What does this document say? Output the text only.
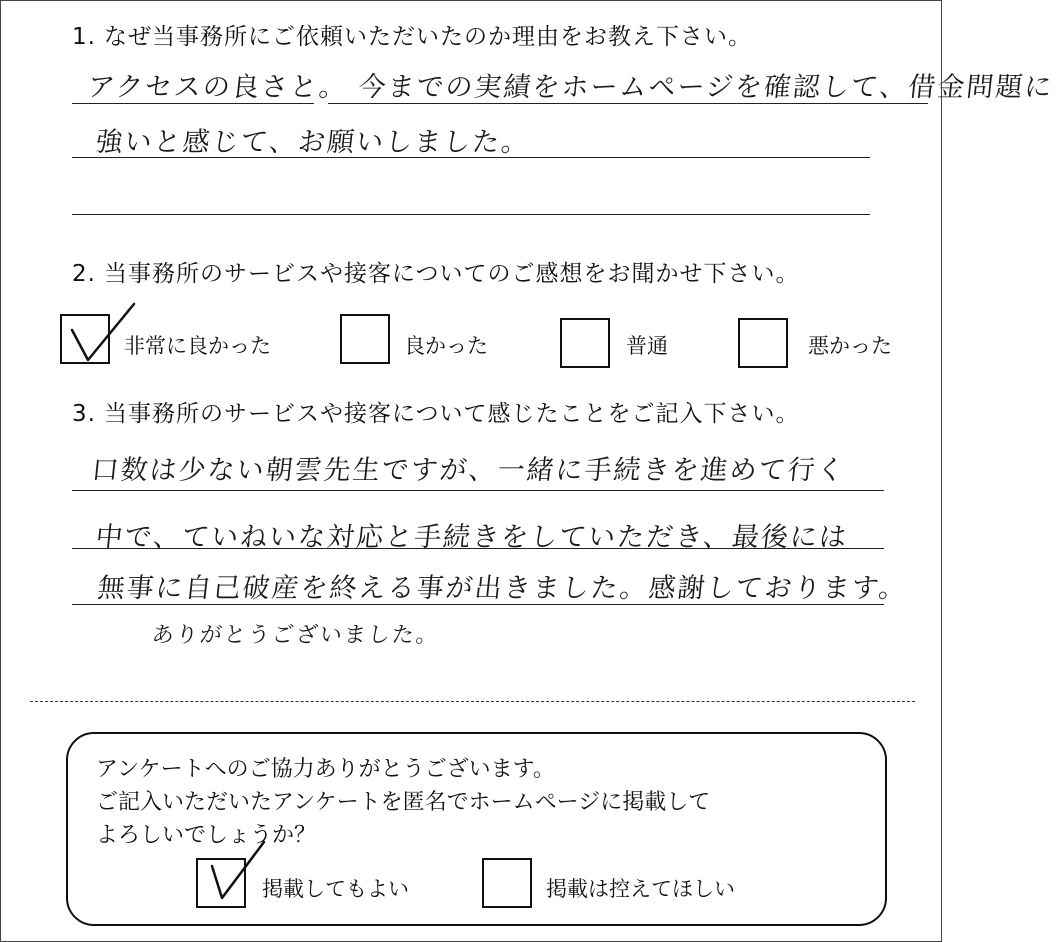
1. なぜ当事務所にご依頼いただいたのか理由をお教え下さい。
アクセスの良さと。 今までの実績をホームページを確認して、借金問題に
強いと感じて、お願いしました。
2. 当事務所のサービスや接客についてのご感想をお聞かせ下さい。
非常に良かった	良かった	普通	悪かった
3. 当事務所のサービスや接客について感じたことをご記入下さい。
口数は少ない朝雲先生ですが、一緒に手続きを進めて行く
中で、ていねいな対応と手続きをしていただき、最後には
無事に自己破産を終える事が出きました。感謝しております。
ありがとうございました。
アンケートへのご協力ありがとうございます。
ご記入いただいたアンケートを匿名でホームページに掲載して
よろしいでしょうか？
掲載してもよい	掲載は控えてほしい
